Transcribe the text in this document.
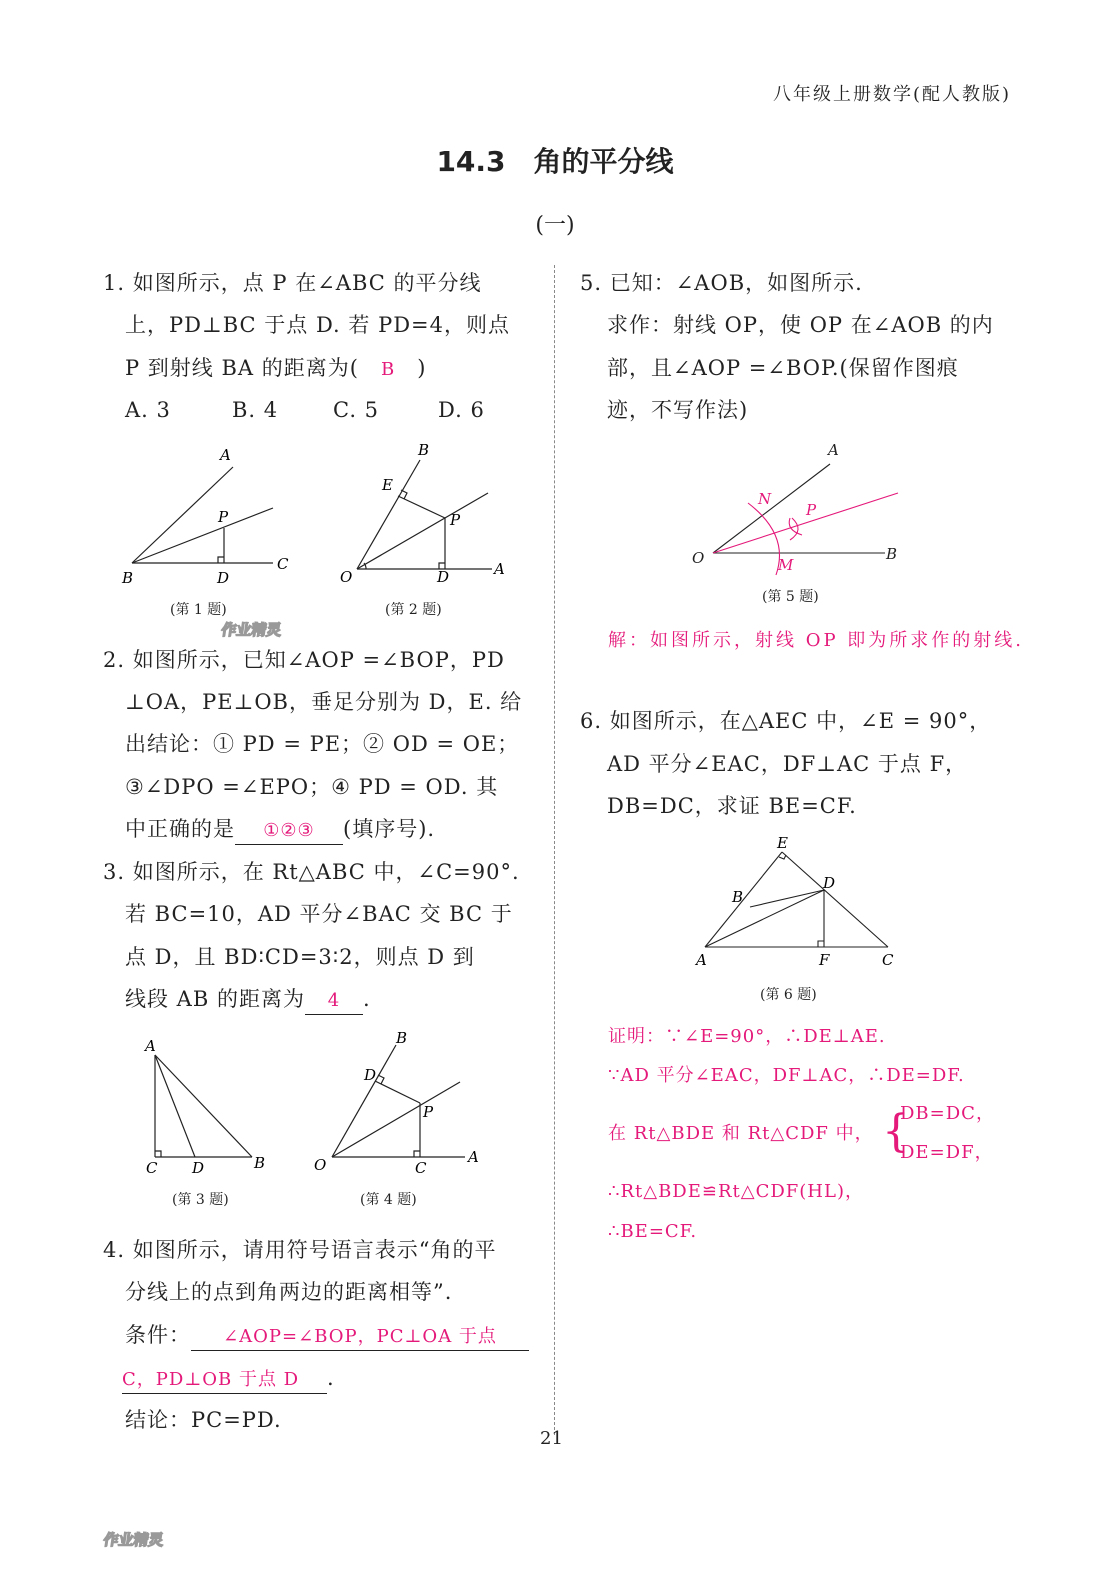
八年级上册数学(配人教版)
14.3　角的平分线
(一)
1. 如图所示，点 P 在∠ABC 的平分线
上，PD⊥BC 于点 D. 若 PD=4，则点
P 到射线 BA 的距离为( B )
A. 3	B. 4	C. 5	D. 6
A
P
B	D
C
B
E
P
O	D	A
(第 1 题)	(第 2 题)
2. 如图所示，已知∠AOP =∠BOP，PD
⊥OA，PE⊥OB，垂足分别为 D，E. 给
出结论：① PD = PE；② OD = OE；
③∠DPO =∠EPO；④ PD = OD. 其
中正确的是 ①②③ (填序号).
3. 如图所示，在 Rt△ABC 中，∠C=90°.
若 BC=10，AD 平分∠BAC 交 BC 于
点 D，且 BD∶CD=3∶2，则点 D 到
线段 AB 的距离为 4 .
A
C D	B
B
D
P
O	C
A
(第 3 题)	(第 4 题)
4. 如图所示，请用符号语言表示“角的平
分线上的点到角两边的距离相等”.
条件： ∠AOP=∠BOP，PC⊥OA 于点
C，PD⊥OB 于点 D .
结论：PC=PD.
21
5. 已知：∠AOB，如图所示.
求作：射线 OP，使 OP 在∠AOB 的内
部，且∠AOP =∠BOP.(保留作图痕
迹，不写作法)
A
N
P
O	M
B
(第 5 题)
解：如图所示，射线 OP 即为所求作的射线.
6. 如图所示，在△AEC 中，∠E = 90°，
AD 平分∠EAC，DF⊥AC 于点 F，
DB=DC，求证 BE=CF.
E
B
D
A	F	C
(第 6 题)
证明：∵∠E=90°，∴DE⊥AE.
∵AD 平分∠EAC，DF⊥AC，∴DE=DF.
在 Rt△BDE 和 Rt△CDF 中， {
DB=DC，
DE=DF，
∴Rt△BDE≌Rt△CDF(HL)，
∴BE=CF.
作业精灵
作业精灵
